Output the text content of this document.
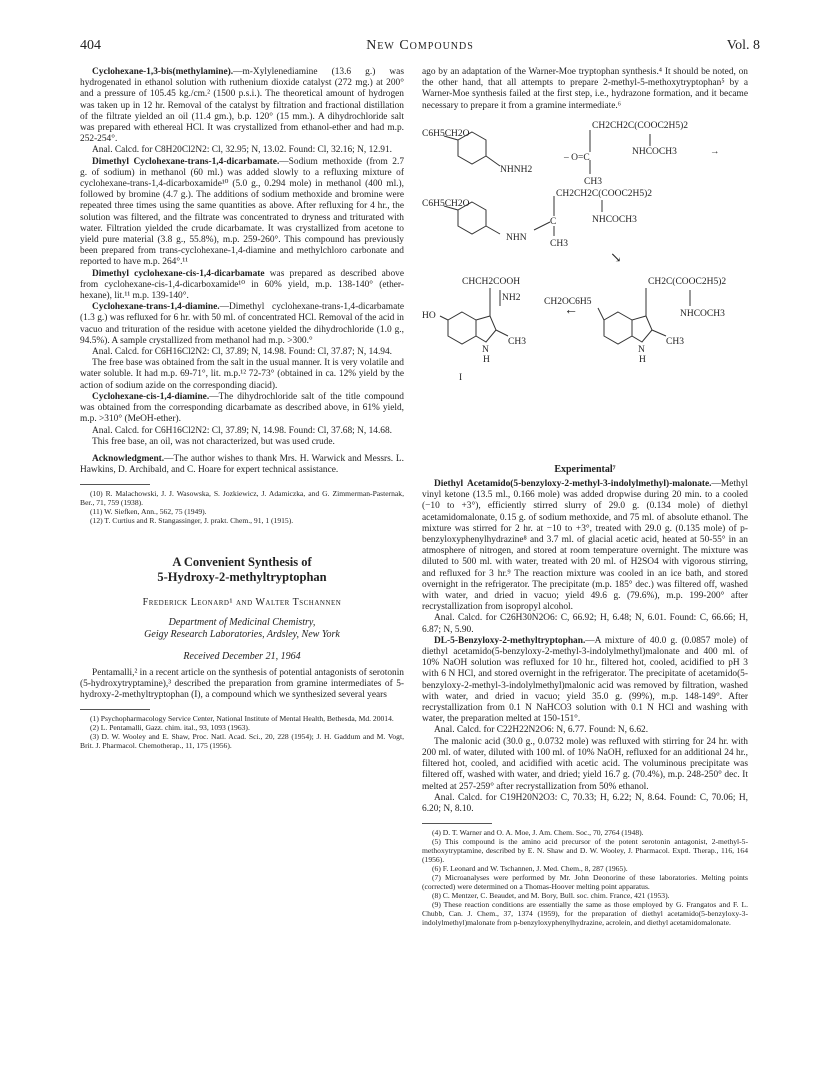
404	New Compounds	Vol. 8

Cyclohexane-1,3-bis(methylamine).—m-Xylylenediamine (13.6 g.) was hydrogenated in ethanol solution with ruthenium dioxide catalyst (272 mg.) at 200° and a pressure of 105.45 kg./cm.² (1500 p.s.i.). The theoretical amount of hydrogen was taken up in 12 hr. Removal of the catalyst by filtration and fractional distillation of the filtrate yielded an oil (11.4 gm.), b.p. 120° (15 mm.). A dihydrochloride salt was prepared with ethereal HCl. It was crystallized from ethanol-ether and had m.p. 252-254°.

Anal. Calcd. for C8H20Cl2N2: Cl, 32.95; N, 13.02. Found: Cl, 32.16; N, 12.91.

Dimethyl Cyclohexane-trans-1,4-dicarbamate.—Sodium methoxide (from 2.7 g. of sodium) in methanol (60 ml.) was added slowly to a refluxing mixture of cyclohexane-trans-1,4-dicarboxamide¹⁰ (5.0 g., 0.294 mole) in methanol (400 ml.), followed by bromine (4.7 g.). The additions of sodium methoxide and bromine were repeated three times using the same quantities as above. After refluxing for 4 hr., the solution was filtered, and the filtrate was concentrated to dryness and triturated with water. Filtration yielded the crude dicarbamate. It was crystallized from acetone to yield pure material (3.8 g., 55.8%), m.p. 259-260°. This compound has previously been prepared from trans-cyclohexane-1,4-diamine and methylchloro carbonate and reported to have m.p. 264°.¹¹

Dimethyl cyclohexane-cis-1,4-dicarbamate was prepared as described above from cyclohexane-cis-1,4-dicarboxamide¹⁰ in 60% yield, m.p. 138-140° (ether-hexane), lit.¹¹ m.p. 139-140°.

Cyclohexane-trans-1,4-diamine.—Dimethyl cyclohexane-trans-1,4-dicarbamate (1.3 g.) was refluxed for 6 hr. with 50 ml. of concentrated HCl. Removal of the acid in vacuo and trituration of the residue with acetone yielded the dihydrochloride (1.0 g., 94.5%). A sample crystallized from methanol had m.p. >300.°

Anal. Calcd. for C6H16Cl2N2: Cl, 37.89; N, 14.98. Found: Cl, 37.87; N, 14.94.

The free base was obtained from the salt in the usual manner. It is very volatile and water soluble. It had m.p. 69-71°, lit. m.p.¹² 72-73° (obtained in ca. 12% yield by the action of sodium azide on the corresponding diacid).

Cyclohexane-cis-1,4-diamine.—The dihydrochloride salt of the title compound was obtained from the corresponding dicarbamate as described above, in 61% yield, m.p. >310° (MeOH-ether).

Anal. Calcd. for C6H16Cl2N2: Cl, 37.89; N, 14.98. Found: Cl, 37.68; N, 14.68.

This free base, an oil, was not characterized, but was used crude.

Acknowledgment.—The author wishes to thank Mrs. H. Warwick and Messrs. L. Hawkins, D. Archibald, and C. Hoare for expert technical assistance.

(10) R. Malachowski, J. J. Wasowska, S. Jozkiewicz, J. Adamiczka, and G. Zimmerman-Pasternak, Ber., 71, 759 (1938).

(11) W. Siefken, Ann., 562, 75 (1949).

(12) T. Curtius and R. Stangassinger, J. prakt. Chem., 91, 1 (1915).

A Convenient Synthesis of
5-Hydroxy-2-methyltryptophan
Frederick Leonard¹ and Walter Tschannen
Department of Medicinal Chemistry,
Geigy Research Laboratories, Ardsley, New York
Received December 21, 1964

Pentamalli,² in a recent article on the synthesis of potential antagonists of serotonin (5-hydroxytryptamine),³ described the preparation from gramine intermediates of 5-hydroxy-2-methyltryptophan (I), a compound which we synthesized several years

(1) Psychopharmacology Service Center, National Institute of Mental Health, Bethesda, Md. 20014.

(2) L. Pentamalli, Gazz. chim. ital., 93, 1093 (1963).

(3) D. W. Wooley and E. Shaw, Proc. Natl. Acad. Sci., 20, 228 (1954); J. H. Gaddum and M. Vogt, Brit. J. Pharmacol. Chemotherap., 11, 175 (1956).

ago by an adaptation of the Warner-Moe tryptophan synthesis.⁴ It should be noted, on the other hand, that all attempts to prepare 2-methyl-5-methoxytryptophan⁵ by a Warner-Moe synthesis failed at the first step, i.e., hydrazone formation, and it became necessary to prepare it from a gramine intermediate.⁶

C6H5CH2O
NHNH2
– O=C
CH2CH2C(COOC2H5)2
NHCOCH3
CH3
→
C6H5CH2O
CH2CH2C(COOC2H5)2
NHN
C	NHCOCH3
CH3
↘
←
CHCH2COOH
NH2
HO
N
H
CH3
I
CH2C(COOC2H5)2
CH2OC6H5
NHCOCH3
N
H
CH3
Experimental⁷

Diethyl Acetamido(5-benzyloxy-2-methyl-3-indolylmethyl)-malonate.—Methyl vinyl ketone (13.5 ml., 0.166 mole) was added dropwise during 20 min. to a cooled (−10 to +3°), efficiently stirred slurry of 29.0 g. (0.134 mole) of diethyl acetamidomalonate, 0.15 g. of sodium methoxide, and 75 ml. of absolute ethanol. The mixture was stirred for 2 hr. at −10 to +3°, treated with 29.0 g. (0.135 mole) of p-benzyloxyphenylhydrazine⁸ and 3.7 ml. of glacial acetic acid, heated at 50-55° in an atmosphere of nitrogen, and stored at room temperature overnight. The mixture was diluted to 500 ml. with water, treated with 20 ml. of H2SO4 with vigorous stirring, and refluxed for 3 hr.⁹ The reaction mixture was cooled in an ice bath, and stored overnight in the refrigerator. The precipitate (m.p. 185° dec.) was filtered off, washed with water, and dried in vacuo; yield 49.6 g. (79.6%), m.p. 199-200° after recrystallization from isopropyl alcohol.

Anal. Calcd. for C26H30N2O6: C, 66.92; H, 6.48; N, 6.01. Found: C, 66.66; H, 6.87; N, 5.90.

DL-5-Benzyloxy-2-methyltryptophan.—A mixture of 40.0 g. (0.0857 mole) of diethyl acetamido(5-benzyloxy-2-methyl-3-indolylmethyl)malonate and 400 ml. of 10% NaOH solution was refluxed for 10 hr., filtered hot, cooled, acidified to pH 3 with 6 N HCl, and stored overnight in the refrigerator. The precipitate of acetamido(5-benzyloxy-2-methyl-3-indolylmethyl)malonic acid was removed by filtration, washed with water, and dried in vacuo; yield 35.0 g. (99%), m.p. 148-149°. After recrystallization from 0.1 N NaHCO3 solution with 0.1 N HCl and washing with water, the preparation melted at 150-151°.

Anal. Calcd. for C22H22N2O6: N, 6.77. Found: N, 6.62.

The malonic acid (30.0 g., 0.0732 mole) was refluxed with stirring for 24 hr. with 200 ml. of water, diluted with 100 ml. of 10% NaOH, refluxed for an additional 24 hr., filtered hot, cooled, and acidified with acetic acid. The voluminous precipitate was filtered off, washed with water, and dried; yield 16.7 g. (70.4%), m.p. 248-250° dec. It melted at 257-259° after recrystallization from 50% ethanol.

Anal. Calcd. for C19H20N2O3: C, 70.33; H, 6.22; N, 8.64. Found: C, 70.06; H, 6.20; N, 8.10.

(4) D. T. Warner and O. A. Moe, J. Am. Chem. Soc., 70, 2764 (1948).

(5) This compound is the amino acid precursor of the potent serotonin antagonist, 2-methyl-5-methoxytryptamine, described by E. N. Shaw and D. W. Wooley, J. Pharmacol. Exptl. Therap., 116, 164 (1956).

(6) F. Leonard and W. Tschannen, J. Med. Chem., 8, 287 (1965).

(7) Microanalyses were performed by Mr. John Deonorine of these laboratories. Melting points (corrected) were determined on a Thomas-Hoover melting point apparatus.

(8) C. Mentzer, C. Beaudet, and M. Bory, Bull. soc. chim. France, 421 (1953).

(9) These reaction conditions are essentially the same as those employed by G. Frangatos and F. L. Chubb, Can. J. Chem., 37, 1374 (1959), for the preparation of diethyl acetamido(5-benzyloxy-3-indolylmethyl)malonate from p-benzyloxyphenylhydrazine, acrolein, and diethyl acetamidomalonate.
